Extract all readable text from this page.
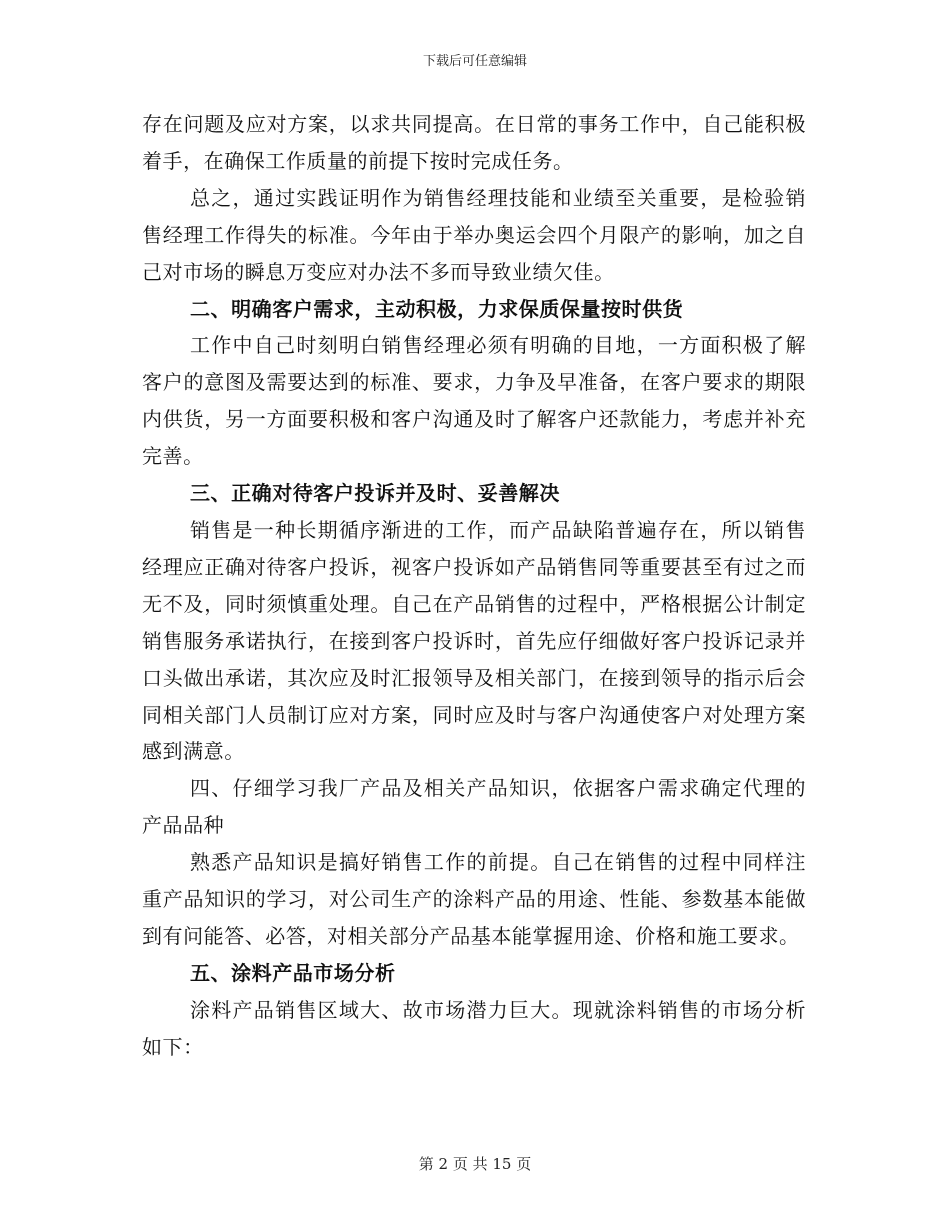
下载后可任意编辑

存在问题及应对方案，以求共同提高。在日常的事务工作中，自己能积极着手，在确保工作质量的前提下按时完成任务。

总之，通过实践证明作为销售经理技能和业绩至关重要，是检验销售经理工作得失的标准。今年由于举办奥运会四个月限产的影响，加之自己对市场的瞬息万变应对办法不多而导致业绩欠佳。

二、明确客户需求，主动积极，力求保质保量按时供货

工作中自己时刻明白销售经理必须有明确的目地，一方面积极了解客户的意图及需要达到的标准、要求，力争及早准备，在客户要求的期限内供货，另一方面要积极和客户沟通及时了解客户还款能力，考虑并补充完善。

三、正确对待客户投诉并及时、妥善解决

销售是一种长期循序渐进的工作，而产品缺陷普遍存在，所以销售经理应正确对待客户投诉，视客户投诉如产品销售同等重要甚至有过之而无不及，同时须慎重处理。自己在产品销售的过程中，严格根据公计制定销售服务承诺执行，在接到客户投诉时，首先应仔细做好客户投诉记录并口头做出承诺，其次应及时汇报领导及相关部门，在接到领导的指示后会同相关部门人员制订应对方案，同时应及时与客户沟通使客户对处理方案感到满意。

四、仔细学习我厂产品及相关产品知识，依据客户需求确定代理的产品品种

熟悉产品知识是搞好销售工作的前提。自己在销售的过程中同样注重产品知识的学习，对公司生产的涂料产品的用途、性能、参数基本能做到有问能答、必答，对相关部分产品基本能掌握用途、价格和施工要求。

五、涂料产品市场分析

涂料产品销售区域大、故市场潜力巨大。现就涂料销售的市场分析如下：

第 2 页 共 15 页
